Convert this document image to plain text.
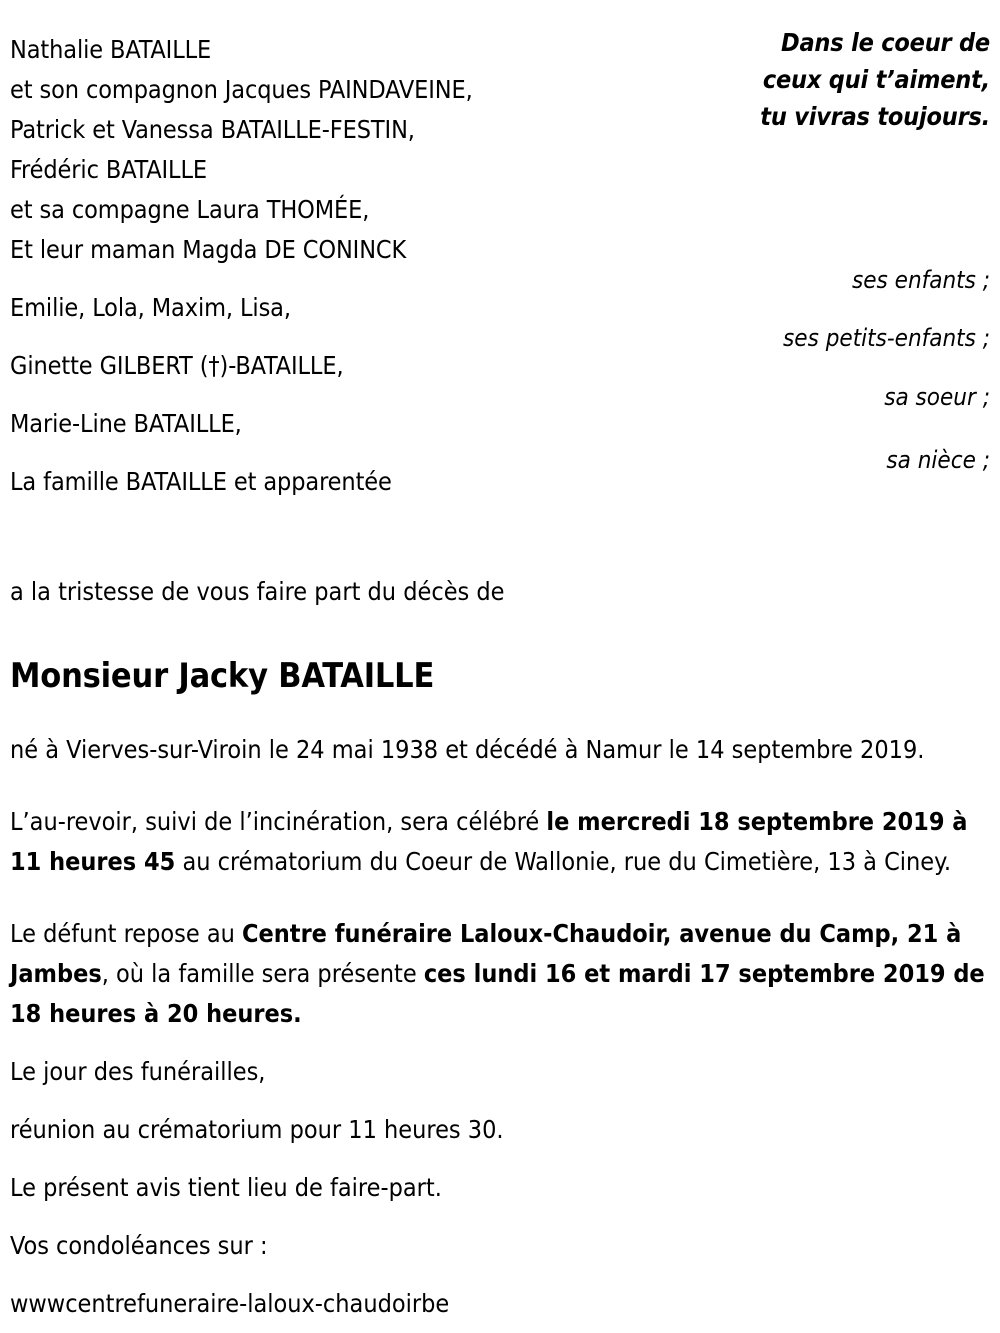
Dans le coeur de
ceux qui t’aiment,
tu vivras toujours.
Nathalie BATAILLE
et son compagnon Jacques PAINDAVEINE,
Patrick et Vanessa BATAILLE-FESTIN,
Frédéric BATAILLE
et sa compagne Laura THOMÉE,
Et leur maman Magda DE CONINCK
Emilie, Lola, Maxim, Lisa,
Ginette GILBERT (†)-BATAILLE,
Marie-Line BATAILLE,
La famille BATAILLE et apparentée
ses enfants ;
ses petits-enfants ;
sa soeur ;
sa nièce ;

a la tristesse de vous faire part du décès de

Monsieur Jacky BATAILLE

né à Vierves-sur-Viroin le 24 mai 1938 et décédé à Namur le 14 septembre 2019.

L’au-revoir, suivi de l’incinération, sera célébré le mercredi 18 septembre 2019 à 11 heures 45 au crématorium du Coeur de Wallonie, rue du Cimetière, 13 à Ciney.

Le défunt repose au Centre funéraire Laloux-Chaudoir, avenue du Camp, 21 à Jambes, où la famille sera présente ces lundi 16 et mardi 17 septembre 2019 de 18 heures à 20 heures.

Le jour des funérailles,

réunion au crématorium pour 11 heures 30.

Le présent avis tient lieu de faire-part.

Vos condoléances sur :

wwwcentrefuneraire-laloux-chaudoirbe
